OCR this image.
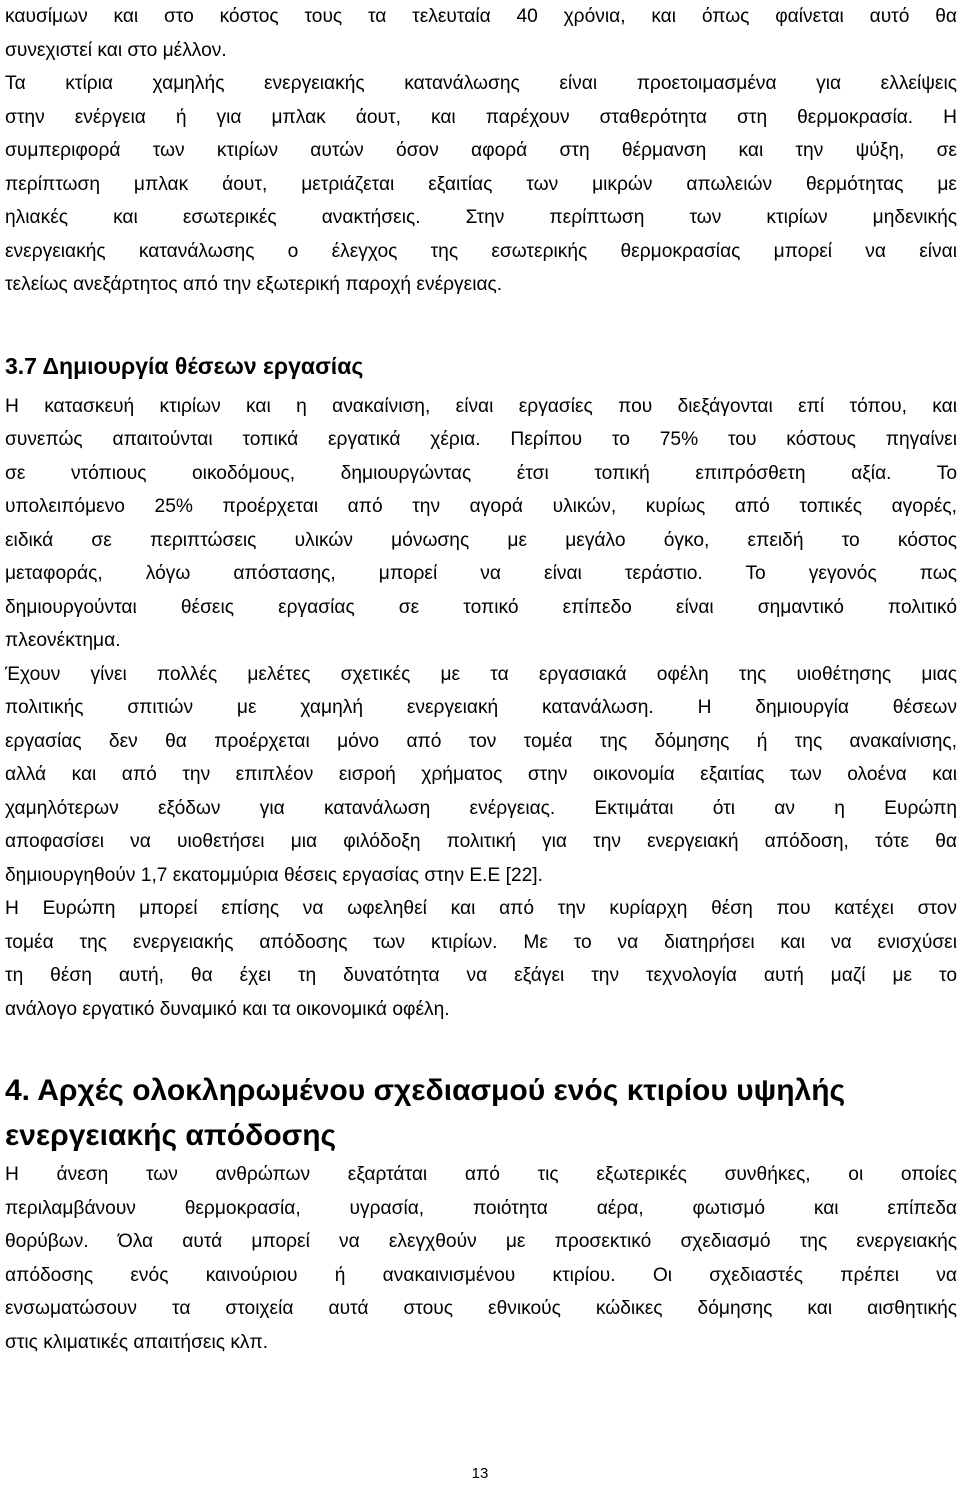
καυσίμων και στο κόστος τους τα τελευταία 40 χρόνια, και όπως φαίνεται αυτό θα
συνεχιστεί και στο μέλλον.
Τα κτίρια χαμηλής ενεργειακής κατανάλωσης είναι προετοιμασμένα για ελλείψεις
στην ενέργεια ή για μπλακ άουτ, και παρέχουν σταθερότητα στη θερμοκρασία. Η
συμπεριφορά των κτιρίων αυτών όσον αφορά στη θέρμανση και την ψύξη, σε
περίπτωση μπλακ άουτ, μετριάζεται εξαιτίας των μικρών απωλειών θερμότητας με
ηλιακές και εσωτερικές ανακτήσεις. Στην περίπτωση των κτιρίων μηδενικής
ενεργειακής κατανάλωσης ο έλεγχος της εσωτερικής θερμοκρασίας μπορεί να είναι
τελείως ανεξάρτητος από την εξωτερική παροχή ενέργειας.
3.7 Δημιουργία θέσεων εργασίας
Η κατασκευή κτιρίων και η ανακαίνιση, είναι εργασίες που διεξάγονται επί τόπου, και
συνεπώς απαιτούνται τοπικά εργατικά χέρια. Περίπου το 75% του κόστους πηγαίνει
σε ντόπιους οικοδόμους, δημιουργώντας έτσι τοπική επιπρόσθετη αξία. Το
υπολειπόμενο 25% προέρχεται από την αγορά υλικών, κυρίως από τοπικές αγορές,
ειδικά σε περιπτώσεις υλικών μόνωσης με μεγάλο όγκο, επειδή το κόστος
μεταφοράς, λόγω απόστασης, μπορεί να είναι τεράστιο. Το γεγονός πως
δημιουργούνται θέσεις εργασίας σε τοπικό επίπεδο είναι σημαντικό πολιτικό
πλεονέκτημα.
Έχουν γίνει πολλές μελέτες σχετικές με τα εργασιακά οφέλη της υιοθέτησης μιας
πολιτικής σπιτιών με χαμηλή ενεργειακή κατανάλωση. Η δημιουργία θέσεων
εργασίας δεν θα προέρχεται μόνο από τον τομέα της δόμησης ή της ανακαίνισης,
αλλά και από την επιπλέον εισροή χρήματος στην οικονομία εξαιτίας των ολοένα και
χαμηλότερων εξόδων για κατανάλωση ενέργειας. Εκτιμάται ότι αν η Ευρώπη
αποφασίσει να υιοθετήσει μια φιλόδοξη πολιτική για την ενεργειακή απόδοση, τότε θα
δημιουργηθούν 1,7 εκατομμύρια θέσεις εργασίας στην Ε.Ε [22].
Η Ευρώπη μπορεί επίσης να ωφεληθεί και από την κυρίαρχη θέση που κατέχει στον
τομέα της ενεργειακής απόδοσης των κτιρίων. Με το να διατηρήσει και να ενισχύσει
τη θέση αυτή, θα έχει τη δυνατότητα να εξάγει την τεχνολογία αυτή μαζί με το
ανάλογο εργατικό δυναμικό και τα οικονομικά οφέλη.
4. Αρχές ολοκληρωμένου σχεδιασμού ενός κτιρίου υψηλής
ενεργειακής απόδοσης
Η άνεση των ανθρώπων εξαρτάται από τις εξωτερικές συνθήκες, οι οποίες
περιλαμβάνουν θερμοκρασία, υγρασία, ποιότητα αέρα, φωτισμό και επίπεδα
θορύβων. Όλα αυτά μπορεί να ελεγχθούν με προσεκτικό σχεδιασμό της ενεργειακής
απόδοσης ενός καινούριου ή ανακαινισμένου κτιρίου. Οι σχεδιαστές πρέπει να
ενσωματώσουν τα στοιχεία αυτά στους εθνικούς κώδικες δόμησης και αισθητικής
στις κλιματικές απαιτήσεις κλπ.
13
